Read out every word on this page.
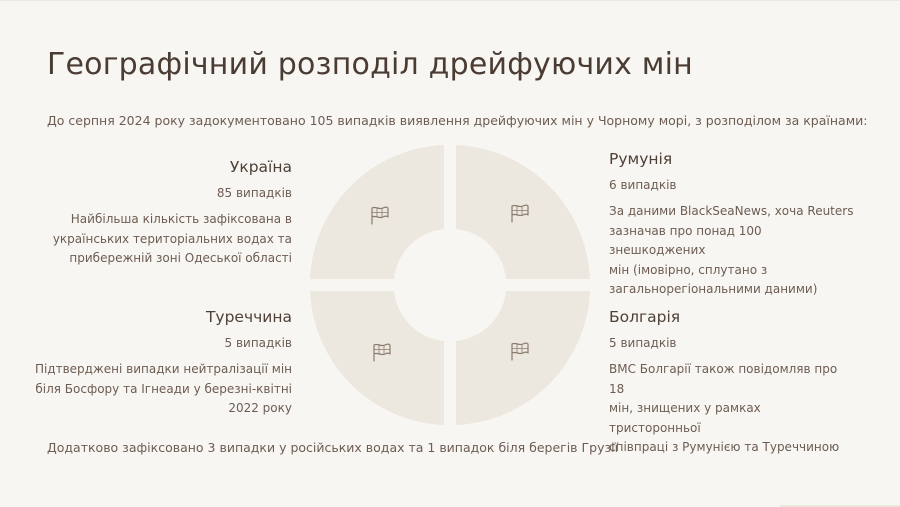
Географічний розподіл дрейфуючих мін
До серпня 2024 року задокументовано 105 випадків виявлення дрейфуючих мін у Чорному морі, з розподілом за країнами:
Україна
85 випадків
Найбільша кількість зафіксована в
українських територіальних водах та
прибережній зоні Одеської області
Туреччина
5 випадків
Підтверджені випадки нейтралізації мін
біля Босфору та Ігнеади у березні-квітні
2022 року
Румунія
6 випадків
За даними BlackSeaNews, хоча Reuters
зазначав про понад 100 знешкоджених
мін (імовірно, сплутано з
загальнорегіональними даними)
Болгарія
5 випадків
ВМС Болгарії також повідомляв про 18
мін, знищених у рамках тристоронньої
співпраці з Румунією та Туреччиною
Додатково зафіксовано 3 випадки у російських водах та 1 випадок біля берегів Грузії
